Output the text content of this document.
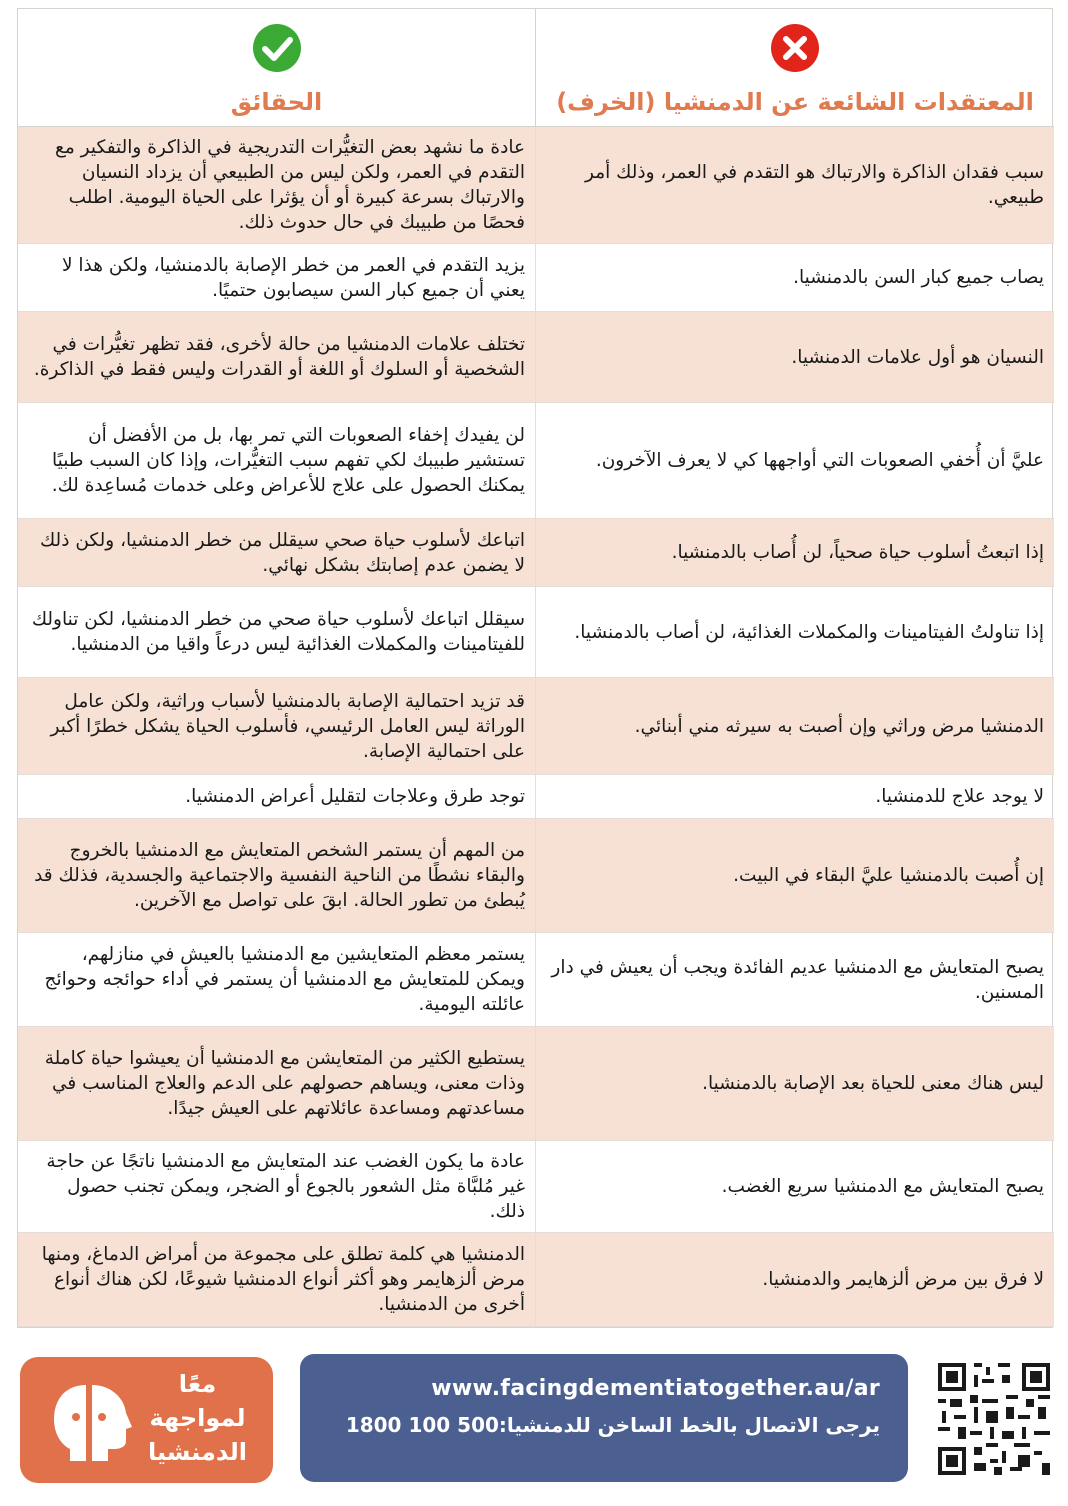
الحقائق	المعتقدات الشائعة عن الدمنشيا (الخرف)
عادة ما نشهد بعض التغيُّرات التدريجية في الذاكرة والتفكير مع التقدم في العمر، ولكن ليس من الطبيعي أن يزداد النسيان والارتباك بسرعة كبيرة أو أن يؤثرا على الحياة اليومية. اطلب فحصًا من طبيبك في حال حدوث ذلك.
سبب فقدان الذاكرة والارتباك هو التقدم في العمر، وذلك أمر طبيعي.
يزيد التقدم في العمر من خطر الإصابة بالدمنشيا، ولكن هذا لا يعني أن جميع كبار السن سيصابون حتميًا.
يصاب جميع كبار السن بالدمنشيا.
تختلف علامات الدمنشيا من حالة لأخرى، فقد تظهر تغيُّرات في الشخصية أو السلوك أو اللغة أو القدرات وليس فقط في الذاكرة.
النسيان هو أول علامات الدمنشيا.
لن يفيدك إخفاء الصعوبات التي تمر بها، بل من الأفضل أن تستشير طبيبك لكي تفهم سبب التغيُّرات، وإذا كان السبب طبيًا يمكنك الحصول على علاج للأعراض وعلى خدمات مُساعِدة لك.
عليَّ أن أُخفي الصعوبات التي أواجهها كي لا يعرف الآخرون.
اتباعك لأسلوب حياة صحي سيقلل من خطر الدمنشيا، ولكن ذلك لا يضمن عدم إصابتك بشكل نهائي.
إذا اتبعتُ أسلوب حياة صحياً، لن أُصاب بالدمنشيا.
سيقلل اتباعك لأسلوب حياة صحي من خطر الدمنشيا، لكن تناولك للفيتامينات والمكملات الغذائية ليس درعاً واقيا من الدمنشيا.
إذا تناولتُ الفيتامينات والمكملات الغذائية، لن أصاب بالدمنشيا.
قد تزيد احتمالية الإصابة بالدمنشيا لأسباب وراثية، ولكن عامل الوراثة ليس العامل الرئيسي، فأسلوب الحياة يشكل خطرًا أكبر على احتمالية الإصابة.
الدمنشيا مرض وراثي وإن أصبت به سيرثه مني أبنائي.
توجد طرق وعلاجات لتقليل أعراض الدمنشيا.	لا يوجد علاج للدمنشيا.
من المهم أن يستمر الشخص المتعايش مع الدمنشيا بالخروج والبقاء نشطًا من الناحية النفسية والاجتماعية والجسدية، فذلك قد يُبطئ من تطور الحالة. ابقَ على تواصل مع الآخرين.
إن أُصبت بالدمنشيا عليَّ البقاء في البيت.
يستمر معظم المتعايشين مع الدمنشيا بالعيش في منازلهم، ويمكن للمتعايش مع الدمنشيا أن يستمر في أداء حوائجه وحوائج عائلته اليومية.
يصبح المتعايش مع الدمنشيا عديم الفائدة ويجب أن يعيش في دار المسنين.
يستطيع الكثير من المتعايشن مع الدمنشيا أن يعيشوا حياة كاملة وذات معنى، ويساهم حصولهم على الدعم والعلاج المناسب في مساعدتهم ومساعدة عائلاتهم على العيش جيدًا.
ليس هناك معنى للحياة بعد الإصابة بالدمنشيا.
عادة ما يكون الغضب عند المتعايش مع الدمنشيا ناتجًا عن حاجة غير مُلبَّاة مثل الشعور بالجوع أو الضجر، ويمكن تجنب حصول ذلك.
يصبح المتعايش مع الدمنشيا سريع الغضب.
الدمنشيا هي كلمة تطلق على مجموعة من أمراض الدماغ، ومنها مرض ألزهايمر وهو أكثر أنواع الدمنشيا شيوعًا، لكن هناك أنواع أخرى من الدمنشيا.
لا فرق بين مرض ألزهايمر والدمنشيا.
معًا
لمواجهة
الدمنشيا
www.facingdementiatogether.au/ar
يرجى الاتصال بالخط الساخن للدمنشيا:500 100 1800
